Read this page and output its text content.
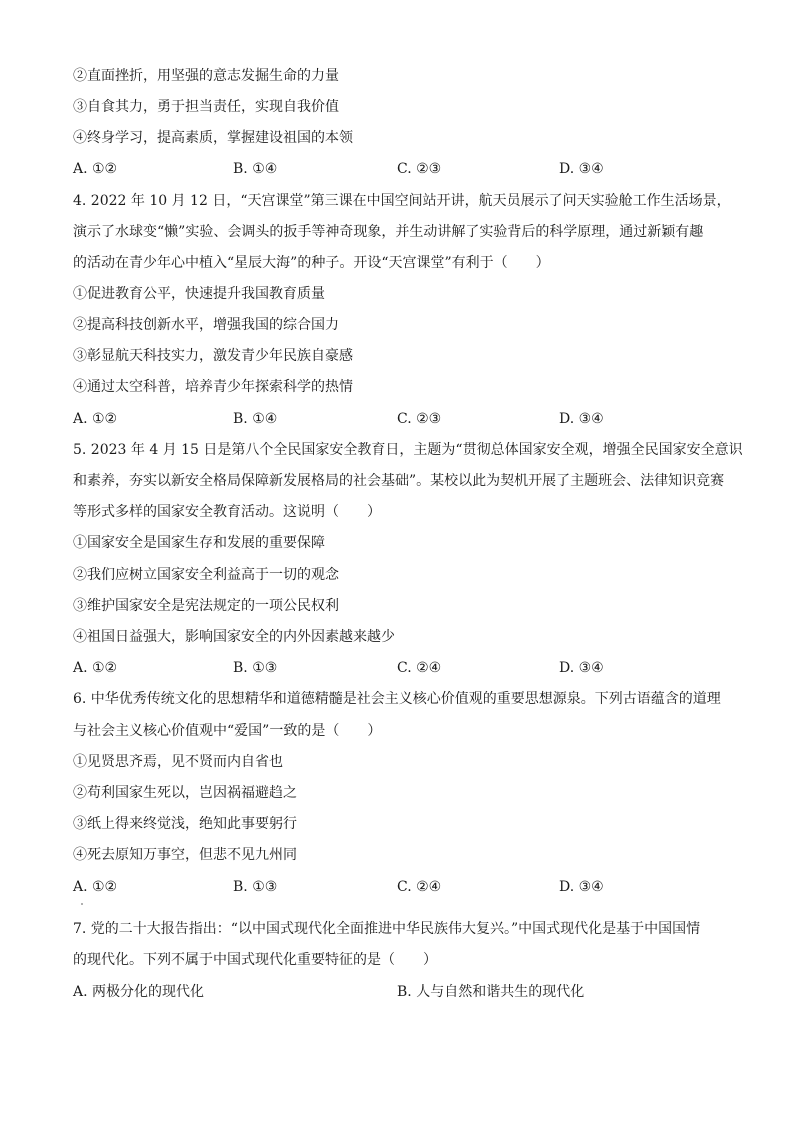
②直面挫折，用坚强的意志发掘生命的力量
③自食其力，勇于担当责任，实现自我价值
④终身学习，提高素质，掌握建设祖国的本领
A. ①②	B. ①④	C. ②③	D. ③④
4. 2022 年 10 月 12 日，“天宫课堂”第三课在中国空间站开讲，航天员展示了问天实验舱工作生活场景，
演示了水球变“懒”实验、会调头的扳手等神奇现象，并生动讲解了实验背后的科学原理，通过新颖有趣
的活动在青少年心中植入“星辰大海”的种子。开设“天宫课堂”有利于（　　）
①促进教育公平，快速提升我国教育质量
②提高科技创新水平，增强我国的综合国力
③彰显航天科技实力，激发青少年民族自豪感
④通过太空科普，培养青少年探索科学的热情
A. ①②	B. ①④	C. ②③	D. ③④
5. 2023 年 4 月 15 日是第八个全民国家安全教育日，主题为“贯彻总体国家安全观，增强全民国家安全意识
和素养，夯实以新安全格局保障新发展格局的社会基础”。某校以此为契机开展了主题班会、法律知识竞赛
等形式多样的国家安全教育活动。这说明（　　）
①国家安全是国家生存和发展的重要保障
②我们应树立国家安全利益高于一切的观念
③维护国家安全是宪法规定的一项公民权利
④祖国日益强大，影响国家安全的内外因素越来越少
A. ①②	B. ①③	C. ②④	D. ③④
6. 中华优秀传统文化的思想精华和道德精髓是社会主义核心价值观的重要思想源泉。下列古语蕴含的道理
与社会主义核心价值观中“爱国”一致的是（　　）
①见贤思齐焉，见不贤而内自省也
②苟利国家生死以，岂因祸福避趋之
③纸上得来终觉浅，绝知此事要躬行
④死去原知万事空，但悲不见九州同
A. ①②	B. ①③	C. ②④	D. ③④
7. 党的二十大报告指出：“以中国式现代化全面推进中华民族伟大复兴。”中国式现代化是基于中国国情
的现代化。下列不属于中国式现代化重要特征的是（　　）
A. 两极分化的现代化	B. 人与自然和谐共生的现代化
